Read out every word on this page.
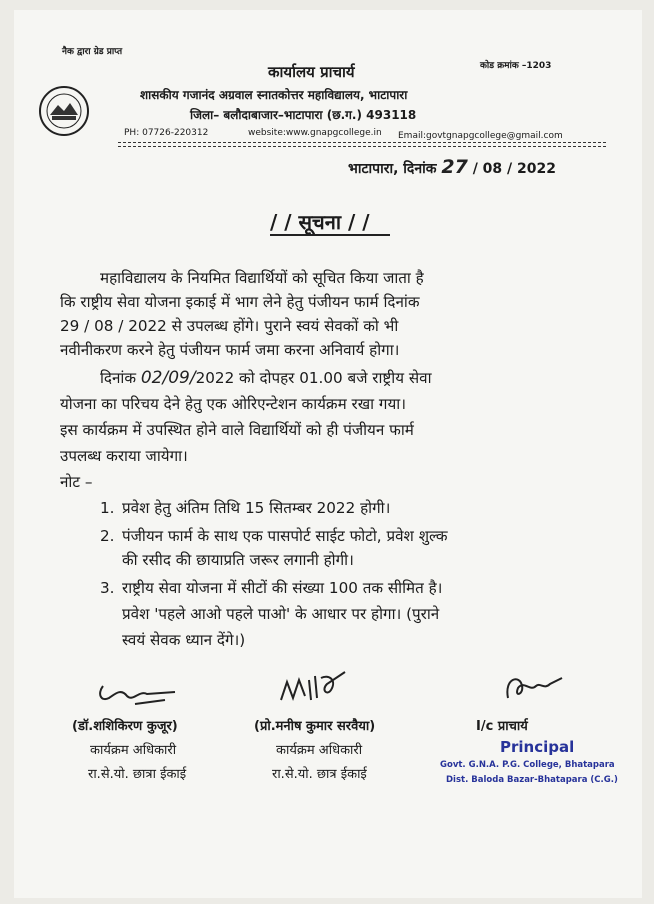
नैक द्वारा ग्रेड प्राप्त
कोड क्रमांक –1203
कार्यालय प्राचार्य
शासकीय गजानंद अग्रवाल स्नातकोत्तर महाविद्यालय, भाटापारा
जिला– बलौदाबाजार–भाटापारा (छ.ग.) 493118
PH: 07726-220312	website:www.gnapgcollege.in Email:govtgnapgcollege@gmail.com
भाटापारा, दिनांक 27 / 08 / 2022
/ / सूचना / /
महाविद्यालय के नियमित विद्यार्थियों को सूचित किया जाता है
कि राष्ट्रीय सेवा योजना इकाई में भाग लेने हेतु पंजीयन फार्म दिनांक
29 / 08 / 2022 से उपलब्ध होंगे। पुराने स्वयं सेवकों को भी
नवीनीकरण करने हेतु पंजीयन फार्म जमा करना अनिवार्य होगा।
दिनांक 02/09/2022 को दोपहर 01.00 बजे राष्ट्रीय सेवा
योजना का परिचय देने हेतु एक ओरिएन्टेशन कार्यक्रम रखा गया।
इस कार्यक्रम में उपस्थित होने वाले विद्यार्थियों को ही पंजीयन फार्म
उपलब्ध कराया जायेगा।
नोट –
1. प्रवेश हेतु अंतिम तिथि 15 सितम्बर 2022 होगी।
2. पंजीयन फार्म के साथ एक पासपोर्ट साईट फोटो, प्रवेश शुल्क
की रसीद की छायाप्रति जरूर लगानी होगी।
3. राष्ट्रीय सेवा योजना में सीटों की संख्या 100 तक सीमित है।
प्रवेश 'पहले आओ पहले पाओ' के आधार पर होगा। (पुराने
स्वयं सेवक ध्यान देंगे।)
(डॉ.शशिकिरण कुजूर)
कार्यक्रम अधिकारी
रा.से.यो. छात्रा ईकाई
(प्रो.मनीष कुमार सरवैया)
कार्यक्रम अधिकारी
रा.से.यो. छात्र ईकाई
I/c प्राचार्य
Principal
Govt. G.N.A. P.G. College, Bhatapara
Dist. Baloda Bazar-Bhatapara (C.G.)
